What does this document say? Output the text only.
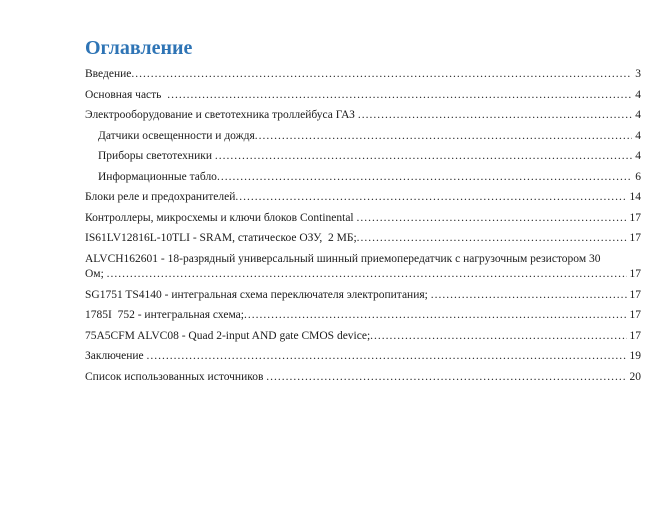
Оглавление
Введение .....	3
Основная часть .....	4
Электрооборудование и светотехника троллейбуса ГАЗ .....	4
Датчики освещенности и дождя .....	4
Приборы светотехники .....	4
Информационные табло .....	6
Блоки реле и предохранителей .....	14
Контроллеры, микросхемы и ключи блоков Continental .....	17
IS61LV12816L-10TLI - SRAM, статическое ОЗУ,  2 МБ; .....	17
ALVCH162601 - 18-разрядный универсальный шинный приемопередатчик с нагрузочным резистором 30
Ом; .....	17
SG1751 TS4140 - интегральная схема переключателя электропитания; .....	17
1785I  752 - интегральная схема; .....	17
75A5CFM ALVC08 - Quad 2-input AND gate CMOS device; .....	17
Заключение .....	19
Список использованных источников .....	20
